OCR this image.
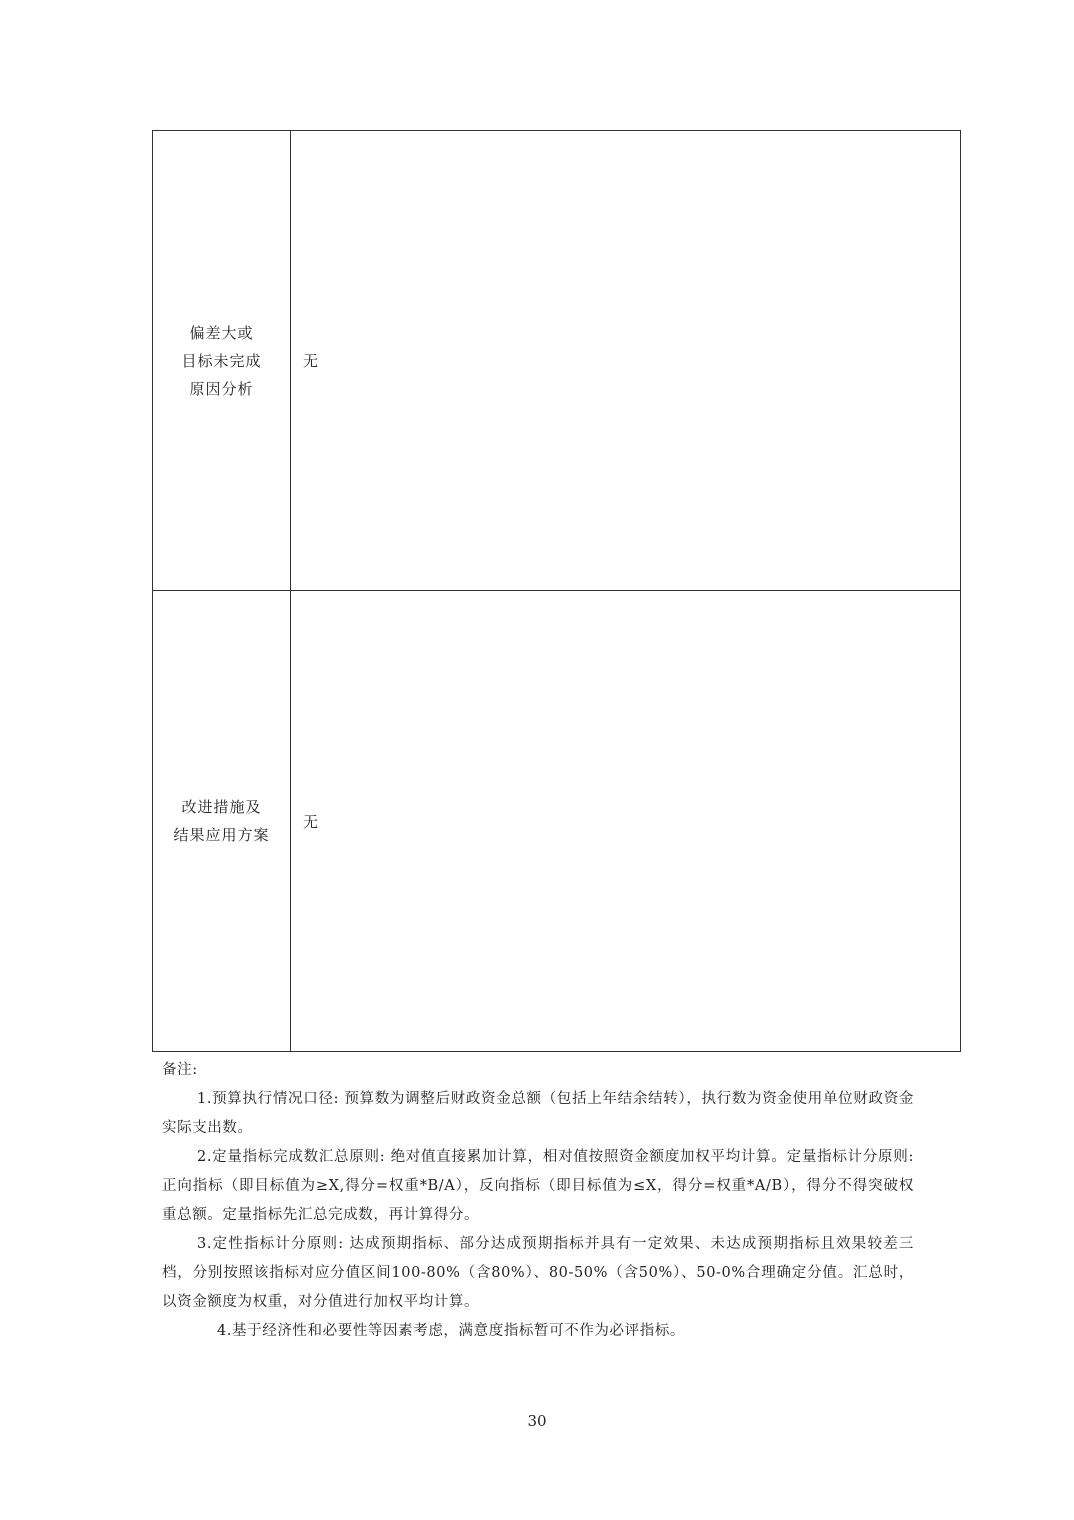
偏差大或
目标未完成
原因分析	无

改进措施及
结果应用方案	无
备注:
1.预算执行情况口径: 预算数为调整后财政资金总额（包括上年结余结转），执行数为资金使用单位财政资金实际支出数。
2.定量指标完成数汇总原则: 绝对值直接累加计算，相对值按照资金额度加权平均计算。定量指标计分原则: 正向指标（即目标值为≥X,得分=权重*B/A），反向指标（即目标值为≤X，得分=权重*A/B），得分不得突破权重总额。定量指标先汇总完成数，再计算得分。
3.定性指标计分原则: 达成预期指标、部分达成预期指标并具有一定效果、未达成预期指标且效果较差三档，分别按照该指标对应分值区间100-80%（含80%）、80-50%（含50%）、50-0%合理确定分值。汇总时，以资金额度为权重，对分值进行加权平均计算。
4.基于经济性和必要性等因素考虑，满意度指标暂可不作为必评指标。
30
